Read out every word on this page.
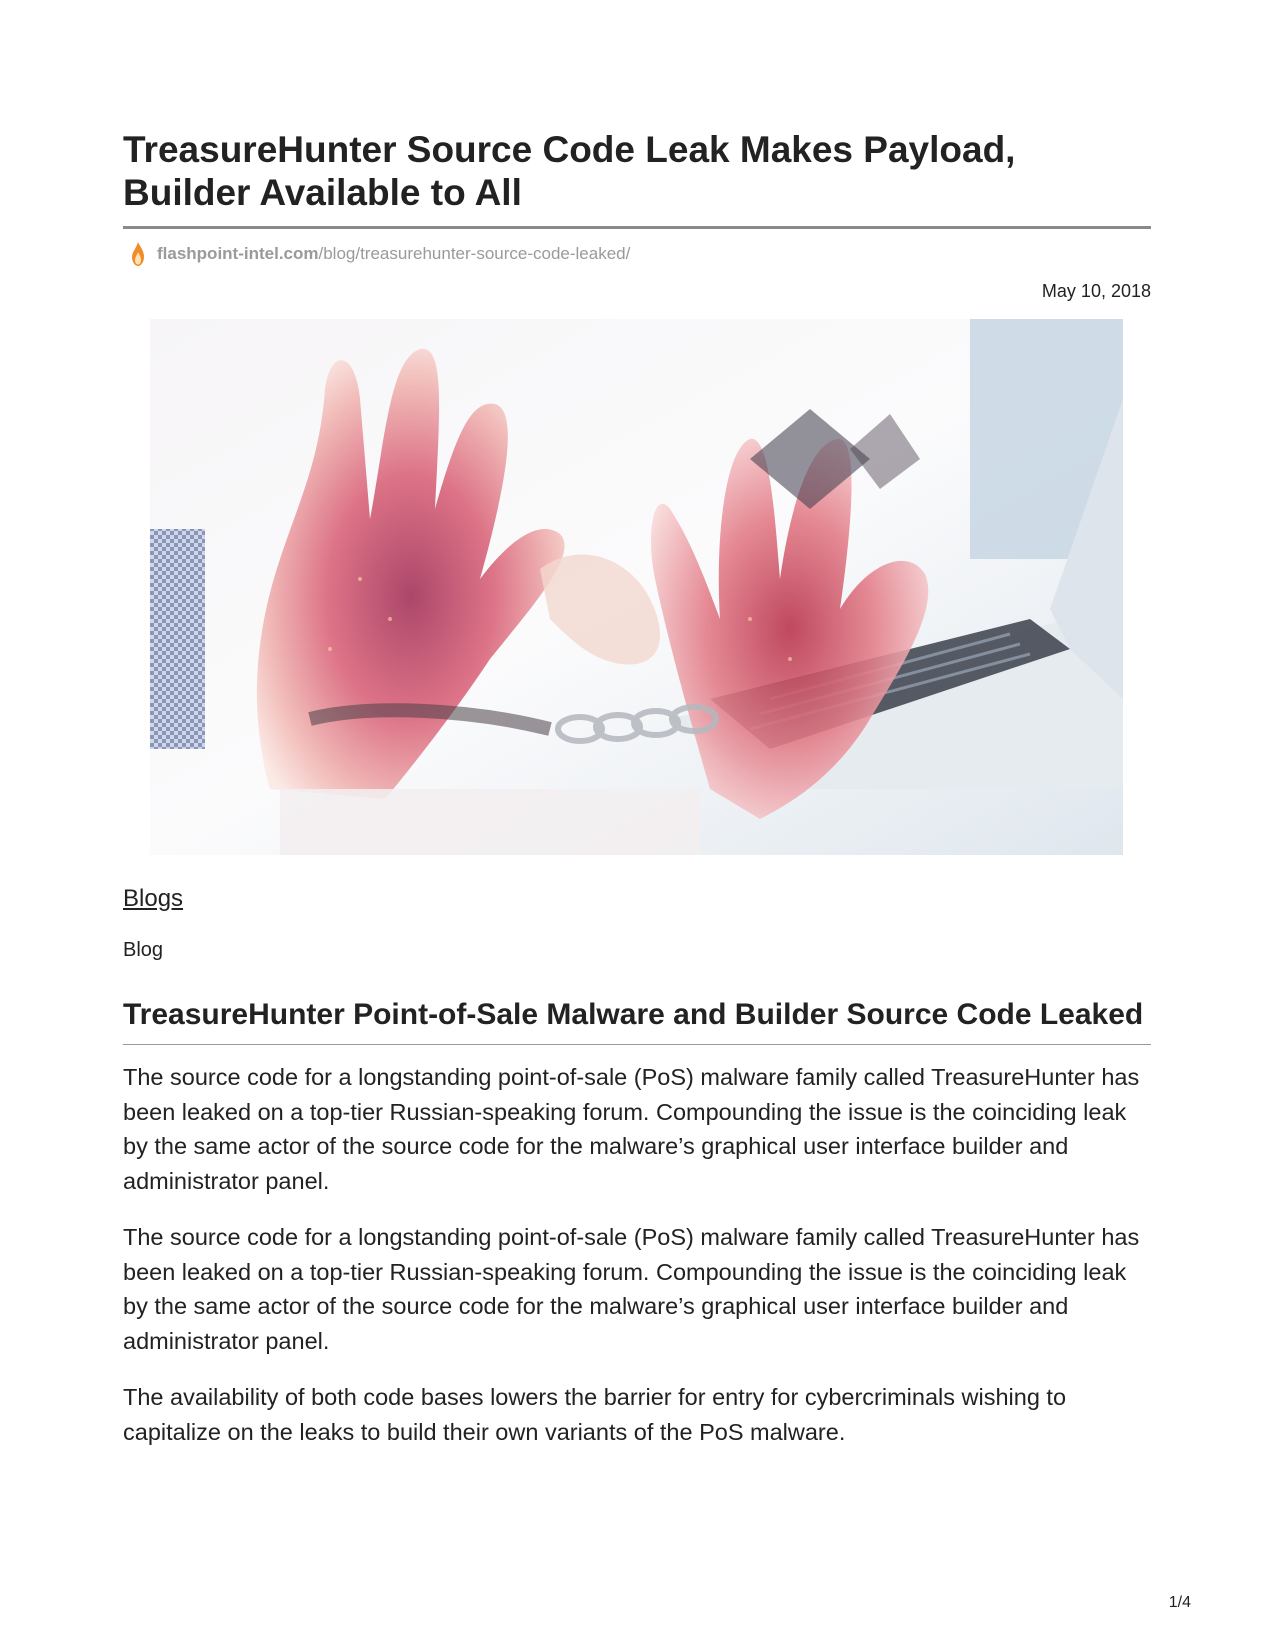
TreasureHunter Source Code Leak Makes Payload, Builder Available to All
flashpoint-intel.com /blog/treasurehunter-source-code-leaked/
May 10, 2018
Blogs
Blog
TreasureHunter Point-of-Sale Malware and Builder Source Code Leaked

The source code for a longstanding point-of-sale (PoS) malware family called TreasureHunter has been leaked on a top-tier Russian-speaking forum. Compounding the issue is the coinciding leak by the same actor of the source code for the malware’s graphical user interface builder and administrator panel.

The source code for a longstanding point-of-sale (PoS) malware family called TreasureHunter has been leaked on a top-tier Russian-speaking forum. Compounding the issue is the coinciding leak by the same actor of the source code for the malware’s graphical user interface builder and administrator panel.

The availability of both code bases lowers the barrier for entry for cybercriminals wishing to capitalize on the leaks to build their own variants of the PoS malware.

1/4
